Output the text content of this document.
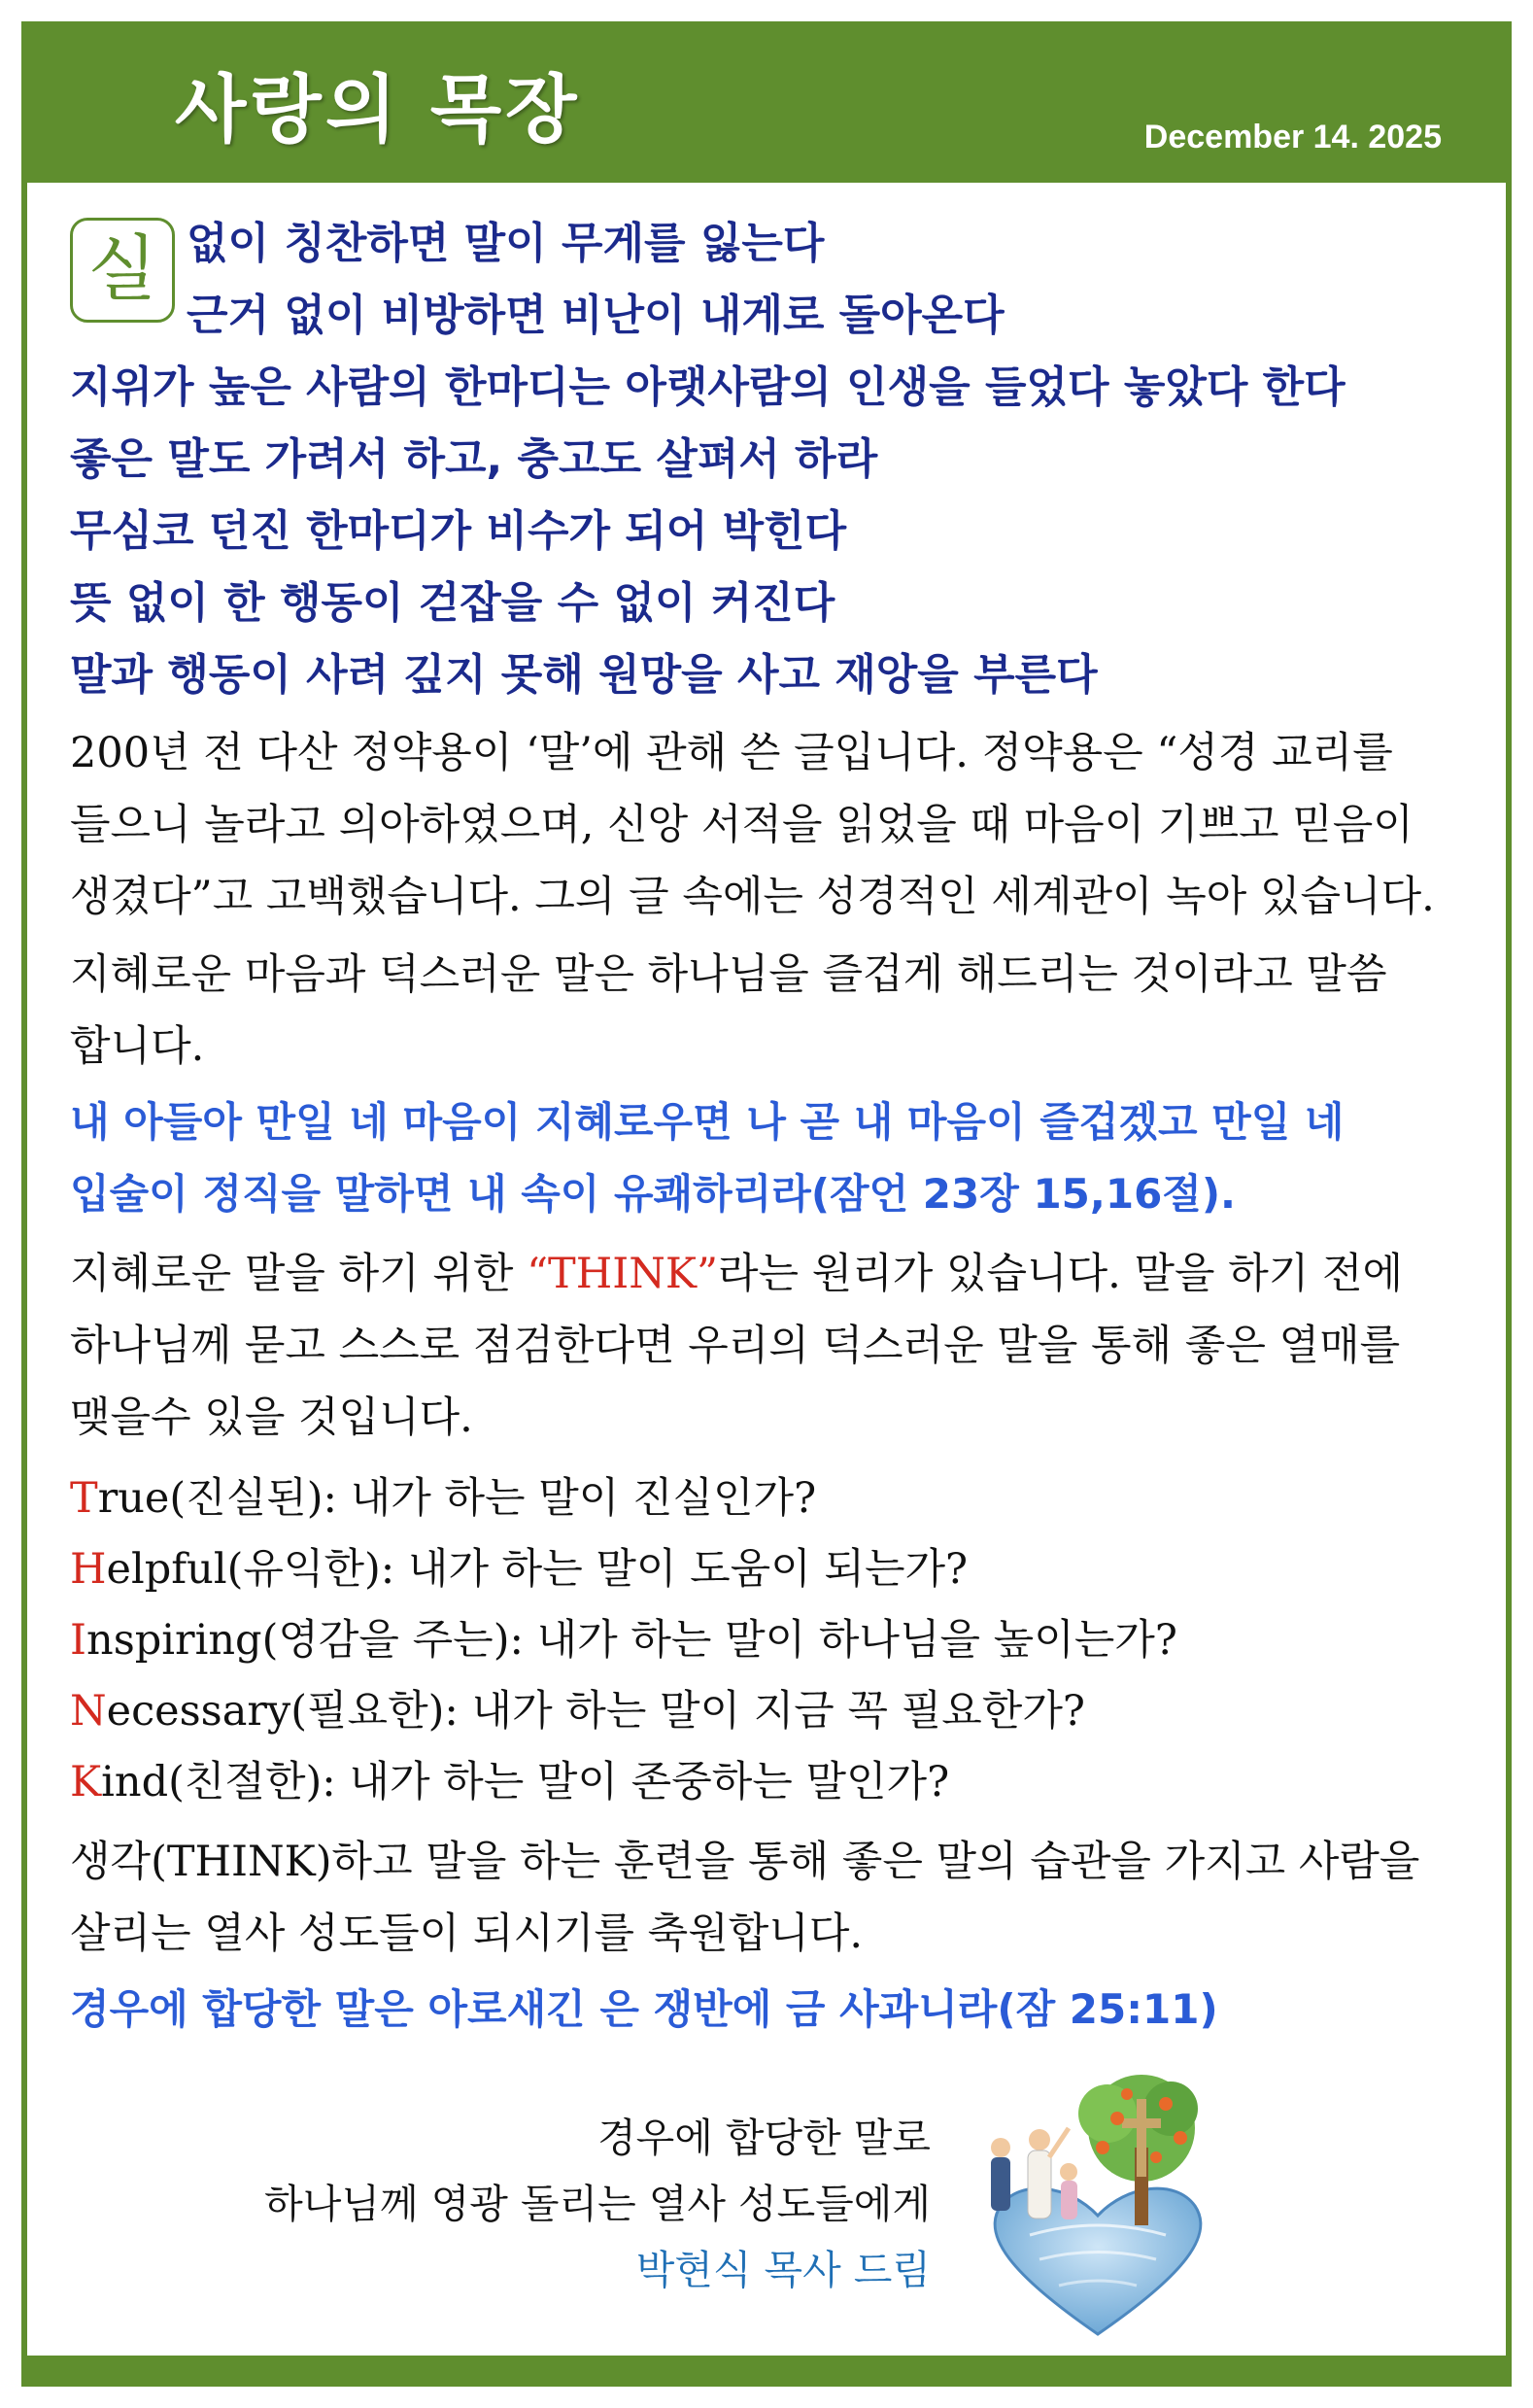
사랑의 목장	December 14. 2025
실 없이 칭찬하면 말이 무게를 잃는다
근거 없이 비방하면 비난이 내게로 돌아온다
지위가 높은 사람의 한마디는 아랫사람의 인생을 들었다 놓았다 한다
좋은 말도 가려서 하고, 충고도 살펴서 하라
무심코 던진 한마디가 비수가 되어 박힌다
뜻 없이 한 행동이 걷잡을 수 없이 커진다
말과 행동이 사려 깊지 못해 원망을 사고 재앙을 부른다
200년 전 다산 정약용이 ‘말’에 관해 쓴 글입니다. 정약용은 “성경 교리를
들으니 놀라고 의아하였으며, 신앙 서적을 읽었을 때 마음이 기쁘고 믿음이
생겼다”고 고백했습니다. 그의 글 속에는 성경적인 세계관이 녹아 있습니다.
지혜로운 마음과 덕스러운 말은 하나님을 즐겁게 해드리는 것이라고 말씀
합니다.
내 아들아 만일 네 마음이 지혜로우면 나 곧 내 마음이 즐겁겠고 만일 네
입술이 정직을 말하면 내 속이 유쾌하리라(잠언 23장 15,16절).
지혜로운 말을 하기 위한 “THINK”라는 원리가 있습니다. 말을 하기 전에
하나님께 묻고 스스로 점검한다면 우리의 덕스러운 말을 통해 좋은 열매를
맺을수 있을 것입니다.
True(진실된): 내가 하는 말이 진실인가?
Helpful(유익한): 내가 하는 말이 도움이 되는가?
Inspiring(영감을 주는): 내가 하는 말이 하나님을 높이는가?
Necessary(필요한): 내가 하는 말이 지금 꼭 필요한가?
Kind(친절한): 내가 하는 말이 존중하는 말인가?
생각(THINK)하고 말을 하는 훈련을 통해 좋은 말의 습관을 가지고 사람을
살리는 열사 성도들이 되시기를 축원합니다.
경우에 합당한 말은 아로새긴 은 쟁반에 금 사과니라(잠 25:11)
경우에 합당한 말로
하나님께 영광 돌리는 열사 성도들에게
박현식 목사 드림
